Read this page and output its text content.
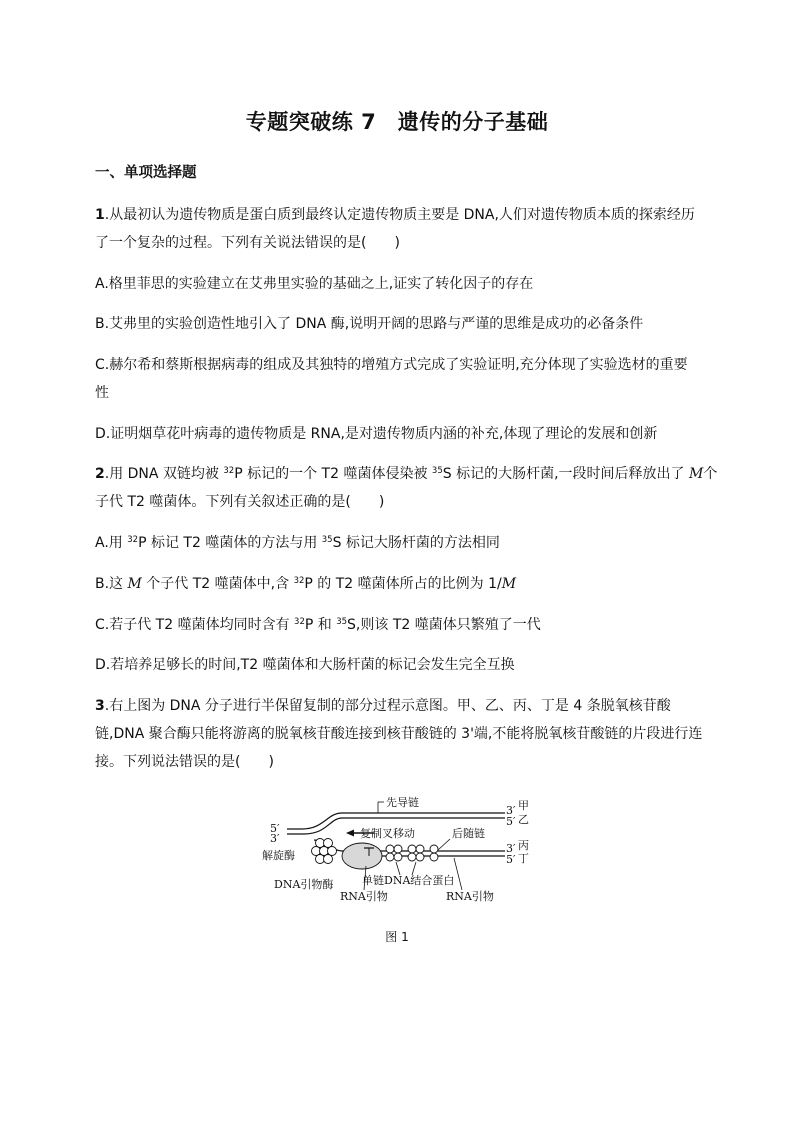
专题突破练 7　遗传的分子基础
一、单项选择题
1.从最初认为遗传物质是蛋白质到最终认定遗传物质主要是 DNA,人们对遗传物质本质的探索经历
了一个复杂的过程。下列有关说法错误的是(　　)
A.格里菲思的实验建立在艾弗里实验的基础之上,证实了转化因子的存在
B.艾弗里的实验创造性地引入了 DNA 酶,说明开阔的思路与严谨的思维是成功的必备条件
C.赫尔希和蔡斯根据病毒的组成及其独特的增殖方式完成了实验证明,充分体现了实验选材的重要
性
D.证明烟草花叶病毒的遗传物质是 RNA,是对遗传物质内涵的补充,体现了理论的发展和创新
2.用 DNA 双链均被 $^{32}$P 标记的一个 T2 噬菌体侵染被 $^{35}$S 标记的大肠杆菌,一段时间后释放出了 M个
子代 T2 噬菌体。下列有关叙述正确的是(　　)
A.用 $^{32}$P 标记 T2 噬菌体的方法与用 $^{35}$S 标记大肠杆菌的方法相同
B.这 M 个子代 T2 噬菌体中,含 $^{32}$P 的 T2 噬菌体所占的比例为 1/M
C.若子代 T2 噬菌体均同时含有 $^{32}$P 和 $^{35}$S,则该 T2 噬菌体只繁殖了一代
D.若培养足够长的时间,T2 噬菌体和大肠杆菌的标记会发生完全互换
3.右上图为 DNA 分子进行半保留复制的部分过程示意图。甲、乙、丙、丁是 4 条脱氧核苷酸
链,DNA 聚合酶只能将游离的脱氧核苷酸连接到核苷酸链的 3'端,不能将脱氧核苷酸链的片段进行连
接。下列说法错误的是(　　)
先导链
复制叉移动	后随链
5′
3′
解旋酶
3′
5′
甲
乙
3′
5′
丙
丁
DNA引物酶
RNA引物
单链DNA结合蛋白
RNA引物
图 1
